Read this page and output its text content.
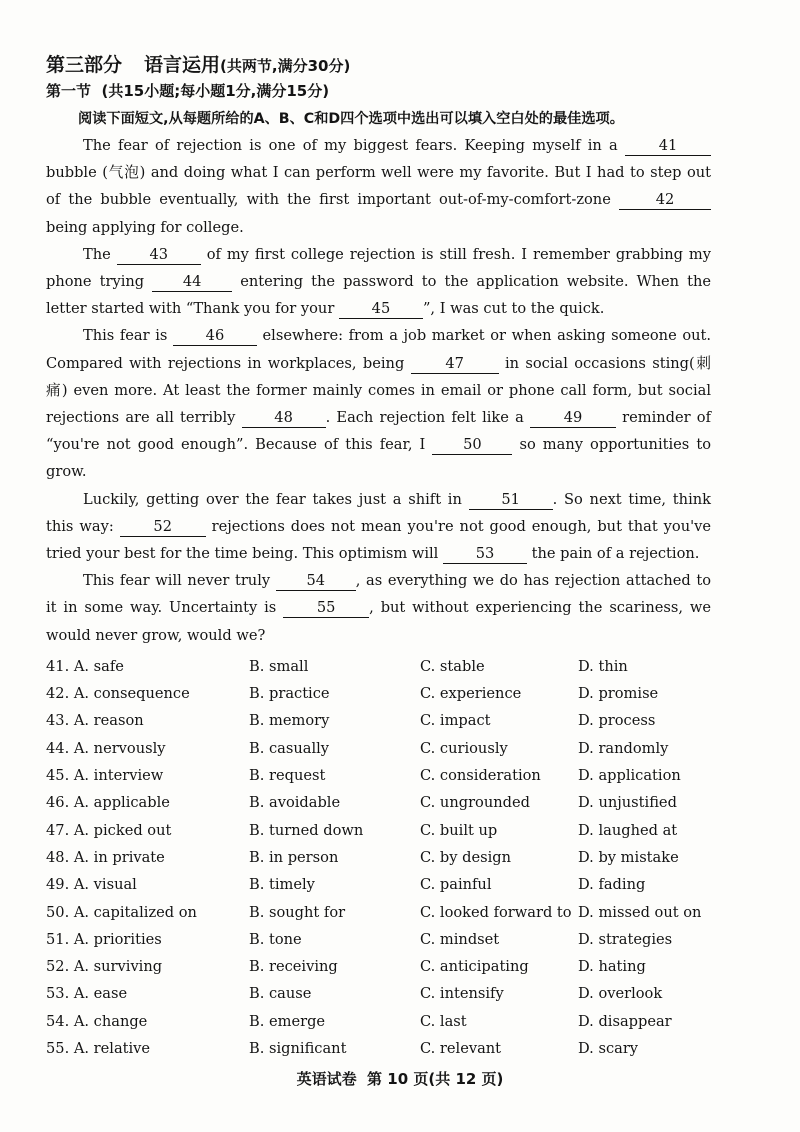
第三部分 语言运用(共两节,满分30分)
第一节 (共15小题;每小题1分,满分15分)

阅读下面短文,从每题所给的A、B、C和D四个选项中选出可以填入空白处的最佳选项。

The fear of rejection is one of my biggest fears. Keeping myself in a 41 bubble (气泡) and doing what I can perform well were my favorite. But I had to step out of the bubble eventually, with the first important out-of-my-comfort-zone	42 being applying for college.

The 43 of my first college rejection is still fresh. I remember grabbing my phone trying 44 entering the password to the application website. When the letter started with “Thank you for your 45 ”, I was cut to the quick.

This fear is 46 elsewhere: from a job market or when asking someone out. Compared with rejections in workplaces, being 47 in social occasions sting(刺痛) even more. At least the former mainly comes in email or phone call form, but social rejections are all terribly 48 . Each rejection felt like a 49 reminder of “you're not good enough”. Because of this fear, I 50 so many opportunities to grow.

Luckily, getting over the fear takes just a shift in 51 . So next time, think this way: 52 rejections does not mean you're not good enough, but that you've tried your best for the time being. This optimism will 53 the pain of a rejection.

This fear will never truly 54 , as everything we do has rejection attached to it in some way. Uncertainty is 55 , but without experiencing the scariness, we would never grow, would we?

41. A. safe	B. small	C. stable	D. thin
42. A. consequence	B. practice	C. experience	D. promise
43. A. reason	B. memory	C. impact	D. process
44. A. nervously	B. casually	C. curiously	D. randomly
45. A. interview	B. request	C. consideration	D. application
46. A. applicable	B. avoidable	C. ungrounded	D. unjustified
47. A. picked out	B. turned down	C. built up	D. laughed at
48. A. in private	B. in person	C. by design	D. by mistake
49. A. visual	B. timely	C. painful	D. fading
50. A. capitalized on	B. sought for	C. looked forward to D. missed out on
51. A. priorities	B. tone	C. mindset	D. strategies
52. A. surviving	B. receiving	C. anticipating	D. hating
53. A. ease	B. cause	C. intensify	D. overlook
54. A. change	B. emerge	C. last	D. disappear
55. A. relative	B. significant	C. relevant	D. scary
英语试卷 第 10 页(共 12 页)
